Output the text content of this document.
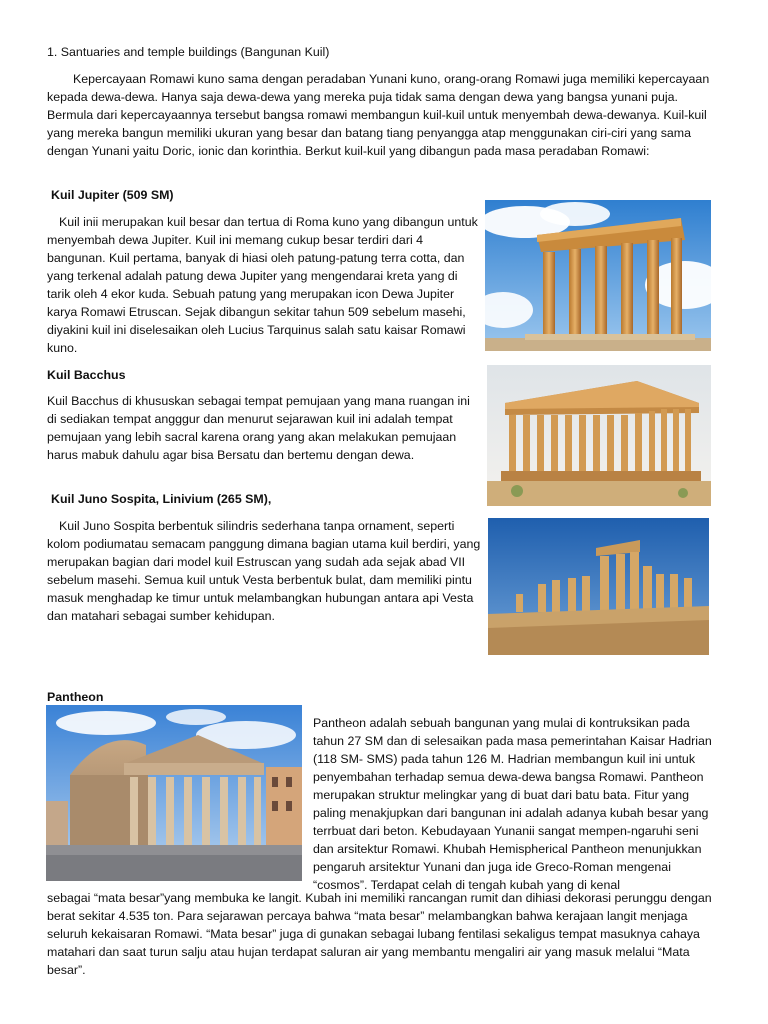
1. Santuaries and temple buildings (Bangunan Kuil)

Kepercayaan Romawi kuno sama dengan peradaban Yunani kuno, orang-orang Romawi juga memiliki kepercayaan kepada dewa-dewa. Hanya saja dewa-dewa yang mereka puja tidak sama dengan dewa yang bangsa yunani puja. Bermula dari kepercayaannya tersebut bangsa romawi membangun kuil-kuil untuk menyembah dewa-dewanya. Kuil-kuil yang mereka bangun memiliki ukuran yang besar dan batang tiang penyangga atap menggunakan ciri-ciri yang sama dengan Yunani yaitu Doric, ionic dan korinthia. Berkut kuil-kuil yang dibangun pada masa peradaban Romawi:

Kuil Jupiter (509 SM)

Kuil inii merupakan kuil besar dan tertua di Roma kuno yang dibangun untuk menyembah dewa Jupiter. Kuil ini memang cukup besar terdiri dari 4 bangunan. Kuil pertama, banyak di hiasi oleh patung-patung terra cotta, dan yang terkenal adalah patung dewa Jupiter yang mengendarai kreta yang di tarik oleh 4 ekor kuda. Sebuah patung yang merupakan icon Dewa Jupiter karya Romawi Etruscan. Sejak dibangun sekitar tahun 509 sebelum masehi, diyakini kuil ini diselesaikan oleh Lucius Tarquinus salah satu kaisar Romawi kuno.

Kuil Bacchus

Kuil Bacchus di khususkan sebagai tempat pemujaan yang mana ruangan ini di sediakan tempat angggur dan menurut sejarawan kuil ini adalah tempat pemujaan yang lebih sacral karena orang yang akan melakukan pemujaan harus mabuk dahulu agar bisa Bersatu dan bertemu dengan dewa.

Kuil Juno Sospita, Linivium (265 SM),

Kuil Juno Sospita berbentuk silindris sederhana tanpa ornament, seperti kolom podiumatau semacam panggung dimana bagian utama kuil berdiri, yang merupakan bagian dari model kuil Estruscan yang sudah ada sejak abad VII sebelum masehi. Semua kuil untuk Vesta berbentuk bulat, dam memiliki pintu masuk menghadap ke timur untuk melambangkan hubungan antara api Vesta dan matahari sebagai sumber kehidupan.

Pantheon

Pantheon adalah sebuah bangunan yang mulai di kontruksikan pada tahun 27 SM dan di selesaikan pada masa pemerintahan Kaisar Hadrian (118 SM- SMS) pada tahun 126 M. Hadrian membangun kuil ini untuk penyembahan terhadap semua dewa-dewa bangsa Romawi. Pantheon merupakan struktur melingkar yang di buat dari batu bata. Fitur yang paling menakjupkan dari bangunan ini adalah adanya kubah besar yang terrbuat dari beton. Kebudayaan Yunanii sangat mempen-ngaruhi seni dan arsitektur Romawi. Khubah Hemispherical Pantheon menunjukkan pengaruh arsitektur Yunani dan juga ide Greco-Roman mengenai “cosmos”. Terdapat celah di tengah kubah yang di kenal

sebagai “mata besar”yang membuka ke langit. Kubah ini memiliki rancangan rumit dan dihiasi dekorasi perunggu dengan berat sekitar 4.535 ton. Para sejarawan percaya bahwa “mata besar” melambangkan bahwa kerajaan langit menjaga seluruh kekaisaran Romawi. “Mata besar” juga di gunakan sebagai lubang fentilasi sekaligus tempat masuknya cahaya matahari dan saat turun salju atau hujan terdapat saluran air yang membantu mengaliri air yang masuk melalui “Mata besar”.
